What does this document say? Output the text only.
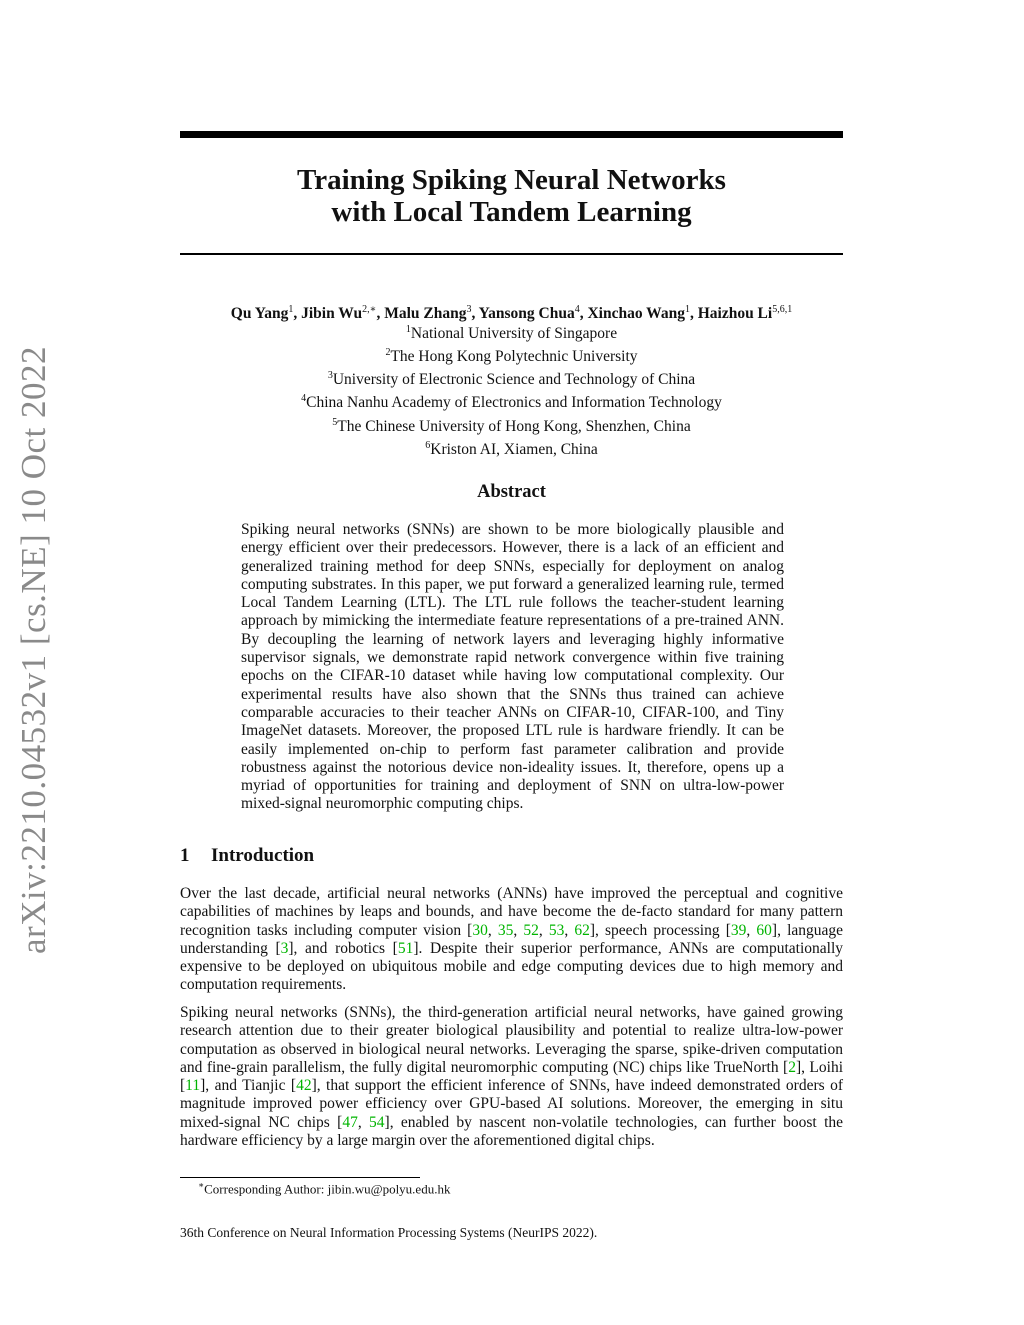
arXiv:2210.04532v1 [cs.NE] 10 Oct 2022
Training Spiking Neural Networks
with Local Tandem Learning
Qu Yang$^1$, Jibin $Wu^{2,∗}$, Malu Zhang$^3$, Yansong Chua$^4$, Xinchao Wang$^1$, Haizhou Li$^{5,6,1}$
$^1$National University of Singapore
$^2$The Hong Kong Polytechnic University
$^3$University of Electronic Science and Technology of China
$^4$China Nanhu Academy of Electronics and Information Technology
$^5$The Chinese University of Hong Kong, Shenzhen, China
$^6$Kriston AI, Xiamen, China
Abstract

Spiking neural networks (SNNs) are shown to be more biologically plausible and energy efficient over their predecessors. However, there is a lack of an efficient and generalized training method for deep SNNs, especially for deployment on analog computing substrates. In this paper, we put forward a generalized learning rule, termed Local Tandem Learning (LTL). The LTL rule follows the teacher-student learning approach by mimicking the intermediate feature representations of a pre-trained ANN. By decoupling the learning of network layers and leveraging highly informative supervisor signals, we demonstrate rapid network convergence within five training epochs on the CIFAR-10 dataset while having low computational complexity. Our experimental results have also shown that the SNNs thus trained can achieve comparable accuracies to their teacher ANNs on CIFAR-10, CIFAR-100, and Tiny ImageNet datasets. Moreover, the proposed LTL rule is hardware friendly. It can be easily implemented on-chip to perform fast parameter calibration and provide robustness against the notorious device non-ideality issues. It, therefore, opens up a myriad of opportunities for training and deployment of SNN on ultra-low-power mixed-signal neuromorphic computing chips.

1 Introduction

Over the last decade, artificial neural networks (ANNs) have improved the perceptual and cognitive capabilities of machines by leaps and bounds, and have become the de-facto standard for many pattern recognition tasks including computer vision [30, 35, 52, 53, 62], speech processing [39, 60], language understanding [3], and robotics [51]. Despite their superior performance, ANNs are computationally expensive to be deployed on ubiquitous mobile and edge computing devices due to high memory and computation requirements.

Spiking neural networks (SNNs), the third-generation artificial neural networks, have gained growing research attention due to their greater biological plausibility and potential to realize ultra-low-power computation as observed in biological neural networks. Leveraging the sparse, spike-driven computation and fine-grain parallelism, the fully digital neuromorphic computing (NC) chips like TrueNorth [2], Loihi [11], and Tianjic [42], that support the efficient inference of SNNs, have indeed demonstrated orders of magnitude improved power efficiency over GPU-based AI solutions. Moreover, the emerging in situ mixed-signal NC chips [47, 54], enabled by nascent non-volatile technologies, can further boost the hardware efficiency by a large margin over the aforementioned digital chips.

∗Corresponding Author: jibin.wu@polyu.edu.hk
36th Conference on Neural Information Processing Systems (NeurIPS 2022).
